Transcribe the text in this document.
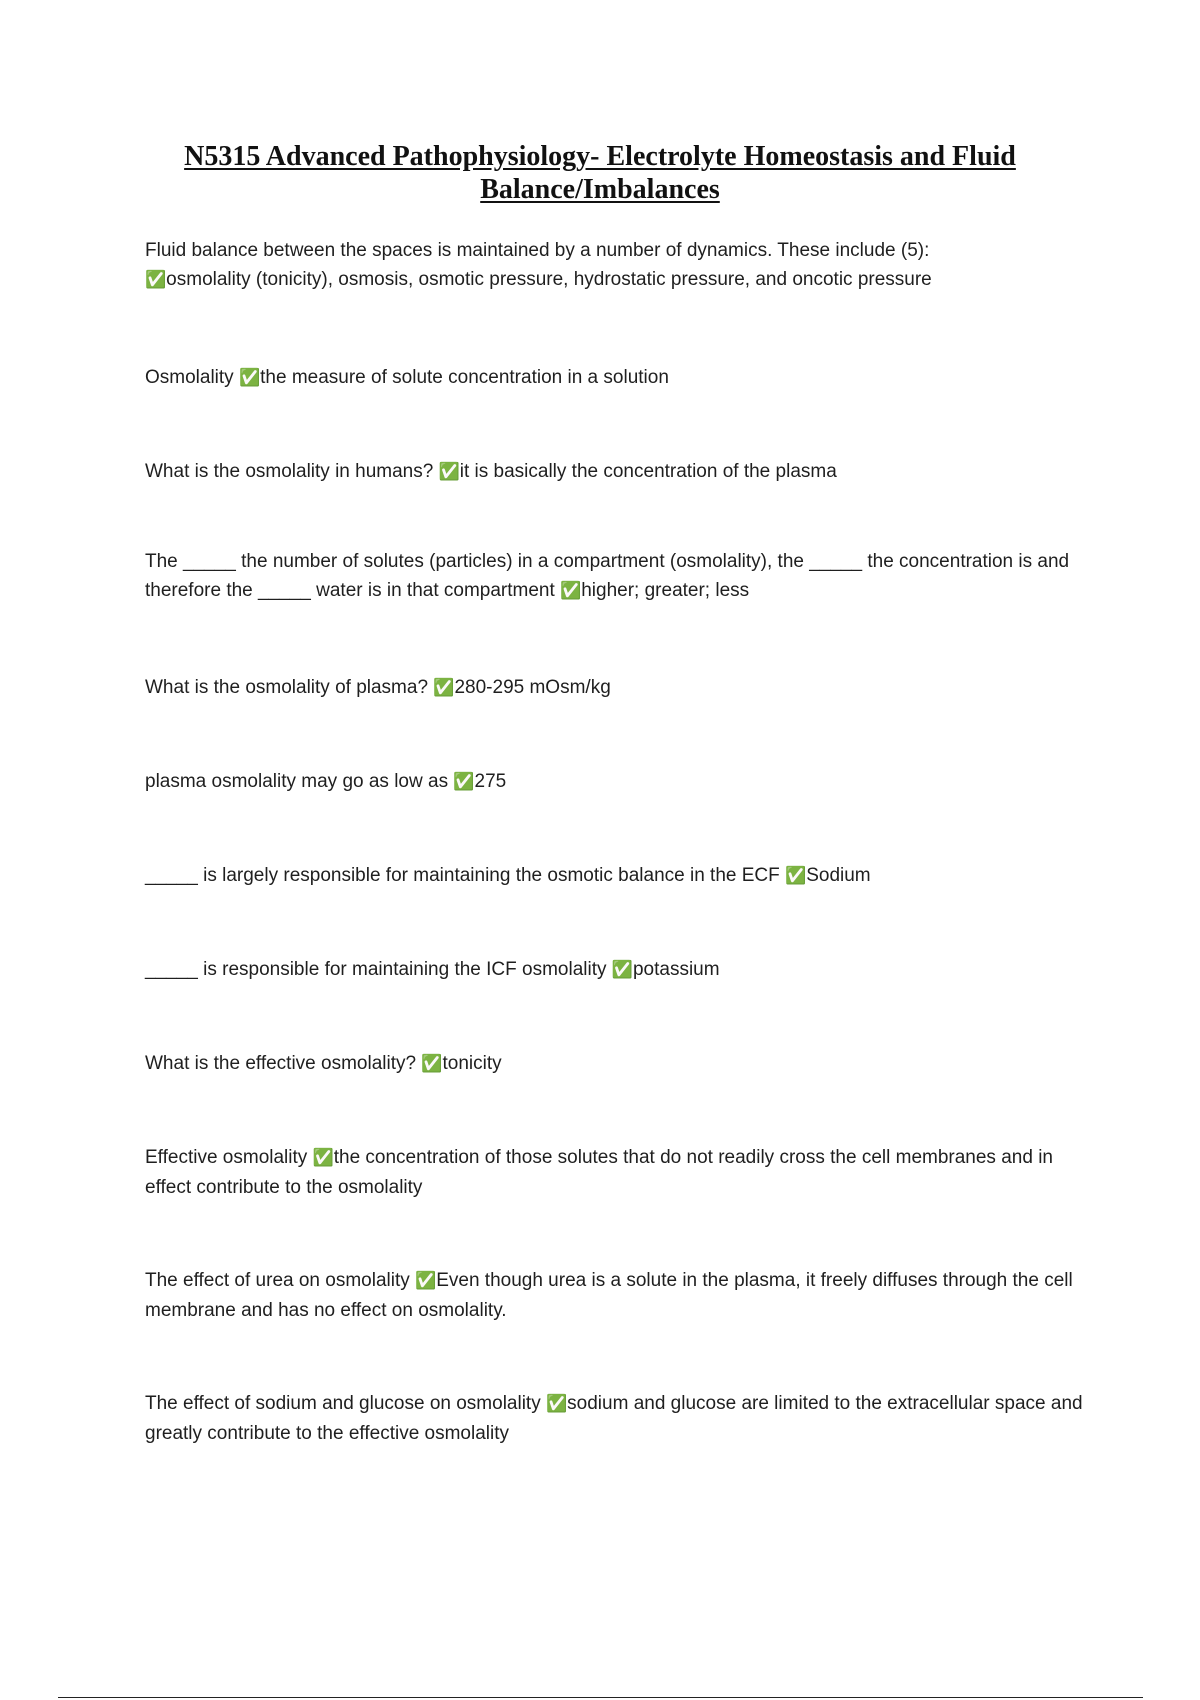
N5315 Advanced Pathophysiology- Electrolyte Homeostasis and Fluid
Balance/Imbalances

Fluid balance between the spaces is maintained by a number of dynamics. These include (5):
✅osmolality (tonicity), osmosis, osmotic pressure, hydrostatic pressure, and oncotic pressure

Osmolality ✅the measure of solute concentration in a solution

What is the osmolality in humans? ✅it is basically the concentration of the plasma

The _____ the number of solutes (particles) in a compartment (osmolality), the _____ the concentration is and therefore the _____ water is in that compartment ✅higher; greater; less

What is the osmolality of plasma? ✅280-295 mOsm/kg

plasma osmolality may go as low as ✅275

_____ is largely responsible for maintaining the osmotic balance in the ECF ✅Sodium

_____ is responsible for maintaining the ICF osmolality ✅potassium

What is the effective osmolality? ✅tonicity

Effective osmolality ✅the concentration of those solutes that do not readily cross the cell membranes and in effect contribute to the osmolality

The effect of urea on osmolality ✅Even though urea is a solute in the plasma, it freely diffuses through the cell membrane and has no effect on osmolality.

The effect of sodium and glucose on osmolality ✅sodium and glucose are limited to the extracellular space and greatly contribute to the effective osmolality
